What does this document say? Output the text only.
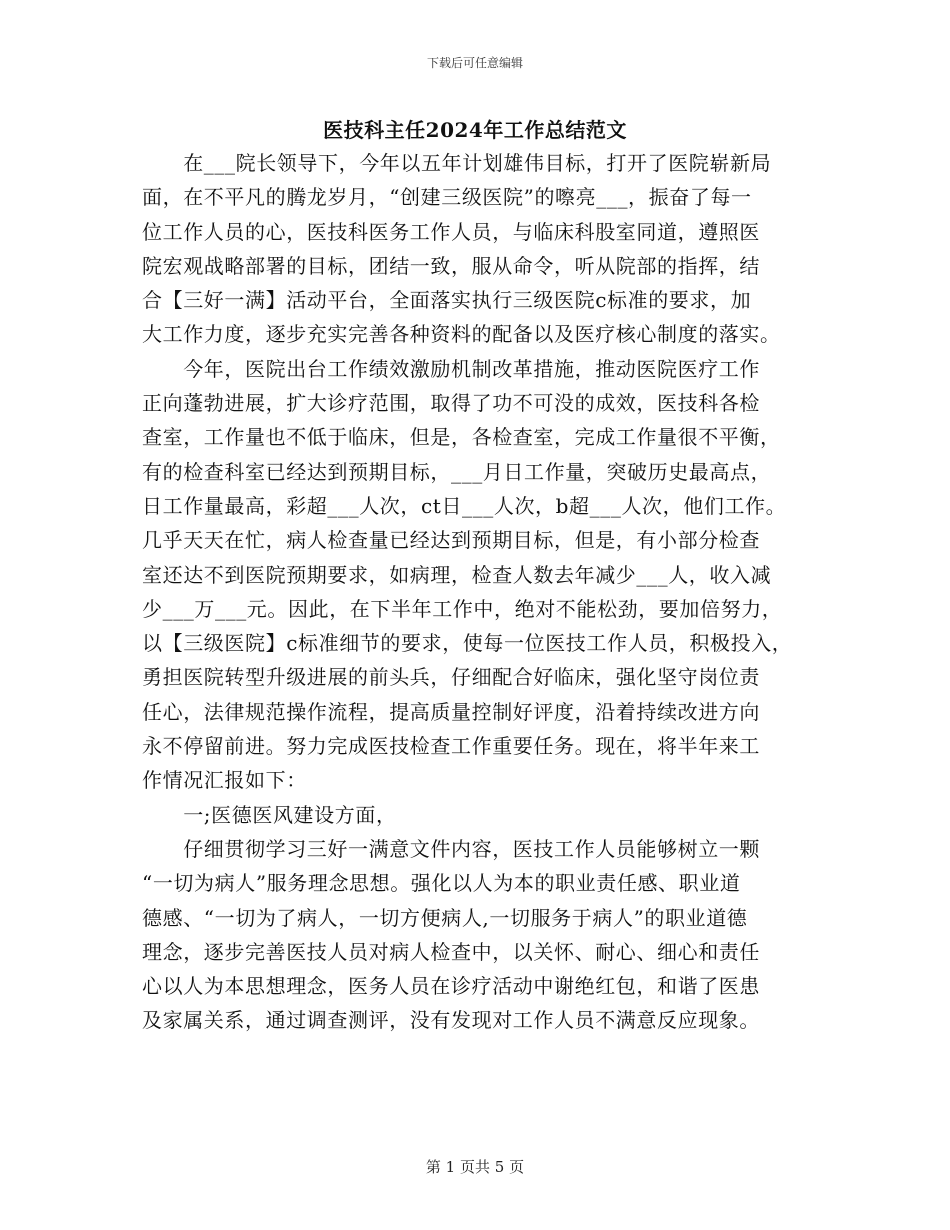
下载后可任意编辑
医技科主任2024年工作总结范文
　　在___院长领导下，今年以五年计划雄伟目标，打开了医院崭新局
面，在不平凡的腾龙岁月，“创建三级医院”的嚓亮___，振奋了每一
位工作人员的心，医技科医务工作人员，与临床科股室同道，遵照医
院宏观战略部署的目标，团结一致，服从命令，听从院部的指挥，结
合【三好一满】活动平台，全面落实执行三级医院c标准的要求，加
大工作力度，逐步充实完善各种资料的配备以及医疗核心制度的落实。
　　今年，医院出台工作绩效激励机制改革措施，推动医院医疗工作
正向蓬勃进展，扩大诊疗范围，取得了功不可没的成效，医技科各检
查室，工作量也不低于临床，但是，各检查室，完成工作量很不平衡，
有的检查科室已经达到预期目标，___月日工作量，突破历史最高点，
日工作量最高，彩超___人次，ct日___人次，b超___人次，他们工作。
几乎天天在忙，病人检查量已经达到预期目标，但是，有小部分检查
室还达不到医院预期要求，如病理，检查人数去年减少___人，收入减
少___万___元。因此，在下半年工作中，绝对不能松劲，要加倍努力，
以【三级医院】c标准细节的要求，使每一位医技工作人员，积极投入，
勇担医院转型升级进展的前头兵，仔细配合好临床，强化坚守岗位责
任心，法律规范操作流程，提高质量控制好评度，沿着持续改进方向
永不停留前进。努力完成医技检查工作重要任务。现在，将半年来工
作情况汇报如下：
　　一;医德医风建设方面，
　　仔细贯彻学习三好一满意文件内容，医技工作人员能够树立一颗
“一切为病人”服务理念思想。强化以人为本的职业责任感、职业道
德感、“一切为了病人，一切方便病人,一切服务于病人”的职业道德
理念，逐步完善医技人员对病人检查中，以关怀、耐心、细心和责任
心以人为本思想理念，医务人员在诊疗活动中谢绝红包，和谐了医患
及家属关系，通过调查测评，没有发现对工作人员不满意反应现象。
第 1 页共 5 页
